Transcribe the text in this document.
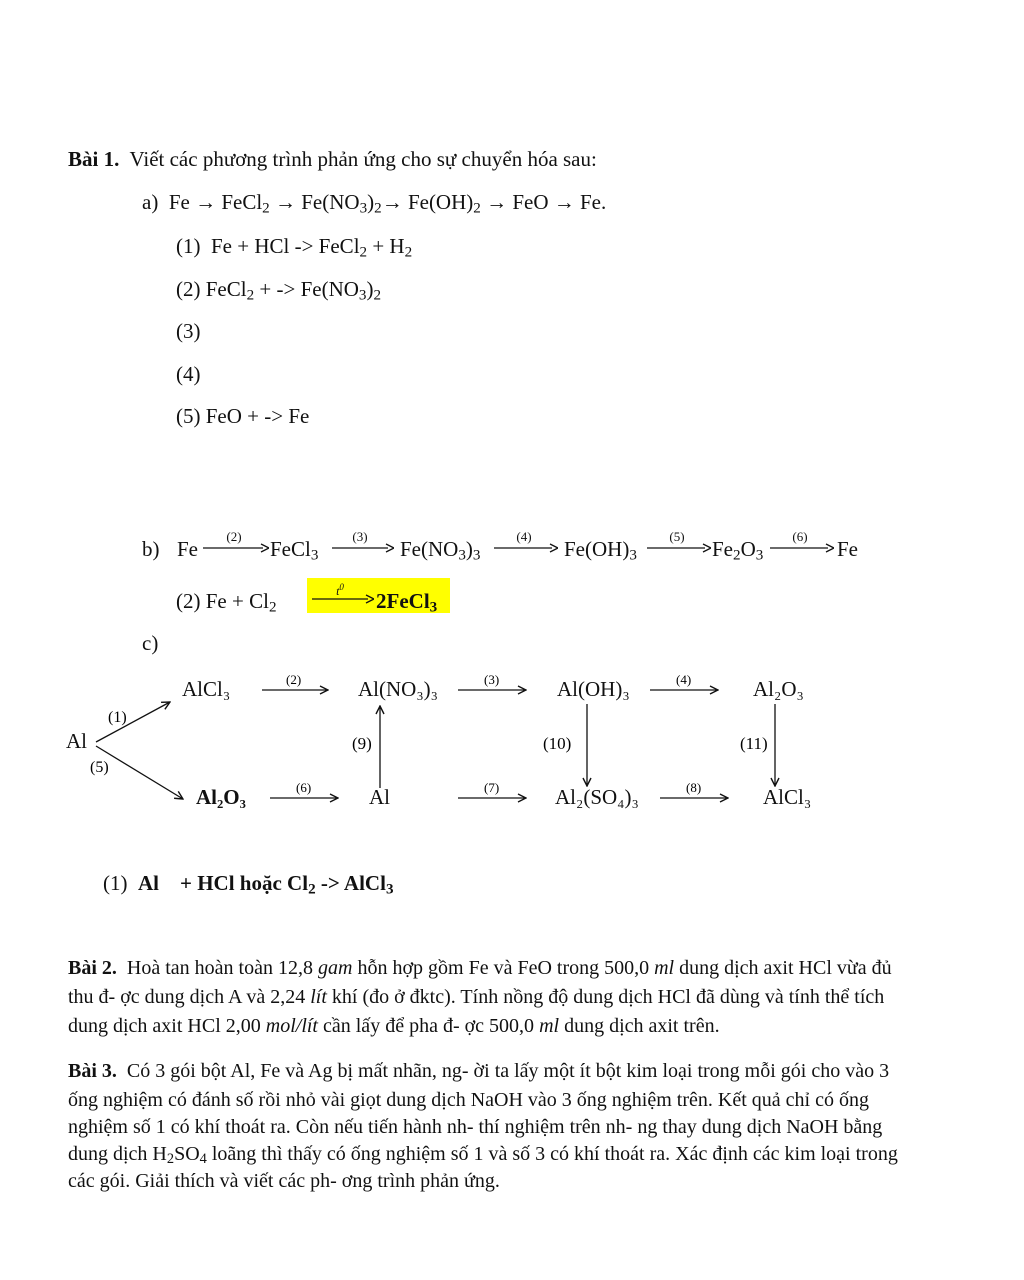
Bài 1. Viết các phương trình phản ứng cho sự chuyển hóa sau:
a) Fe → FeCl$_2$ → $Fe(NO_3)_2\to Fe(OH)_2$ → FeO → Fe.
(1) Fe + HCl -> FeCl$_2$ + $H_2$
(2) FeCl$_2$ + -> $Fe(NO_3)_2$
(3)
(4)
(5) FeO + -> Fe
b) Fe
(2)
FeCl$_3$
(3)
$Fe(NO_3)_3$
(4)
$Fe(OH)_3$
(5)
$Fe_2O_3$
(6)
Fe
(2) $Fe + Cl_2$
$t^0$
2FeCl$_3$
c)
Al
AlCl₃	Al(NO₃)₃	Al(OH)₃	Al₂O₃
Al₂O₃	Al	Al₂(SO₄)₃	AlCl₃
(1)
(5)
(2)	(3)	(4)
(6)	(7)	(8)
(9)	(10)	(11)
(1) Al + HCl hoặc $Cl_2$ -> AlCl$_3$
Bài 2. Hoà tan hoàn toàn 12,8 gam hỗn hợp gồm Fe và FeO trong 500,0 ml dung dịch axit HCl vừa đủ
thu đ- ợc dung dịch A và 2,24 lít khí (đo ở đktc). Tính nồng độ dung dịch HCl đã dùng và tính thể tích
dung dịch axit HCl 2,00 mol/lít cần lấy để pha đ- ợc 500,0 ml dung dịch axit trên.
Bài 3. Có 3 gói bột Al, Fe và Ag bị mất nhãn, ng- ời ta lấy một ít bột kim loại trong mỗi gói cho vào 3
ống nghiệm có đánh số rồi nhỏ vài giọt dung dịch NaOH vào 3 ống nghiệm trên. Kết quả chỉ có ống
nghiệm số 1 có khí thoát ra. Còn nếu tiến hành nh- thí nghiệm trên nh- ng thay dung dịch NaOH bằng
dung dịch $H_2SO_4$ loãng thì thấy có ống nghiệm số 1 và số 3 có khí thoát ra. Xác định các kim loại trong
các gói. Giải thích và viết các ph- ơng trình phản ứng.
